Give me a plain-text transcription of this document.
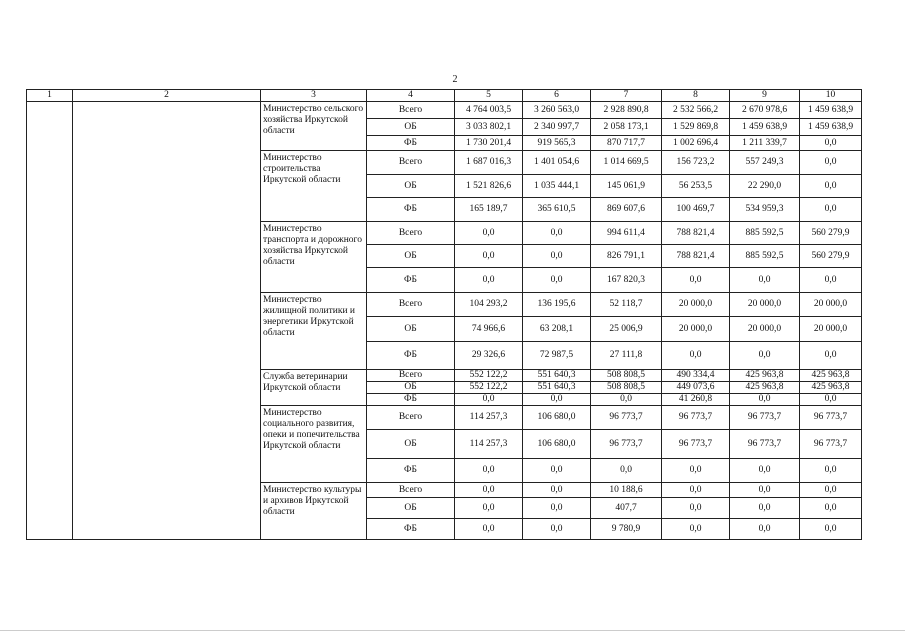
2
1	2	3	4	5	6	7	8	9	10
		Министерство сельского хозяйства Иркутской области	Всего	4 764 003,5	3 260 563,0	2 928 890,8	2 532 566,2	2 670 978,6	1 459 638,9
			ОБ	3 033 802,1	2 340 997,7	2 058 173,1	1 529 869,8	1 459 638,9	1 459 638,9
			ФБ	1 730 201,4	919 565,3	870 717,7	1 002 696,4	1 211 339,7	0,0
		Министерство строительства Иркутской области	Всего	1 687 016,3	1 401 054,6	1 014 669,5	156 723,2	557 249,3	0,0
			ОБ	1 521 826,6	1 035 444,1	145 061,9	56 253,5	22 290,0	0,0
			ФБ	165 189,7	365 610,5	869 607,6	100 469,7	534 959,3	0,0
		Министерство транспорта и дорожного хозяйства Иркутской области	Всего	0,0	0,0	994 611,4	788 821,4	885 592,5	560 279,9
			ОБ	0,0	0,0	826 791,1	788 821,4	885 592,5	560 279,9
			ФБ	0,0	0,0	167 820,3	0,0	0,0	0,0
		Министерство жилищной политики и энергетики Иркутской области	Всего	104 293,2	136 195,6	52 118,7	20 000,0	20 000,0	20 000,0
			ОБ	74 966,6	63 208,1	25 006,9	20 000,0	20 000,0	20 000,0
			ФБ	29 326,6	72 987,5	27 111,8	0,0	0,0	0,0
		Служба ветеринарии Иркутской области	Всего	552 122,2	551 640,3	508 808,5	490 334,4	425 963,8	425 963,8
			ОБ	552 122,2	551 640,3	508 808,5	449 073,6	425 963,8	425 963,8
			ФБ	0,0	0,0	0,0	41 260,8	0,0	0,0
		Министерство социального развития, опеки и попечительства Иркутской области	Всего	114 257,3	106 680,0	96 773,7	96 773,7	96 773,7	96 773,7
			ОБ	114 257,3	106 680,0	96 773,7	96 773,7	96 773,7	96 773,7
			ФБ	0,0	0,0	0,0	0,0	0,0	0,0
		Министерство культуры и архивов Иркутской области	Всего	0,0	0,0	10 188,6	0,0	0,0	0,0
			ОБ	0,0	0,0	407,7	0,0	0,0	0,0
			ФБ	0,0	0,0	9 780,9	0,0	0,0	0,0
